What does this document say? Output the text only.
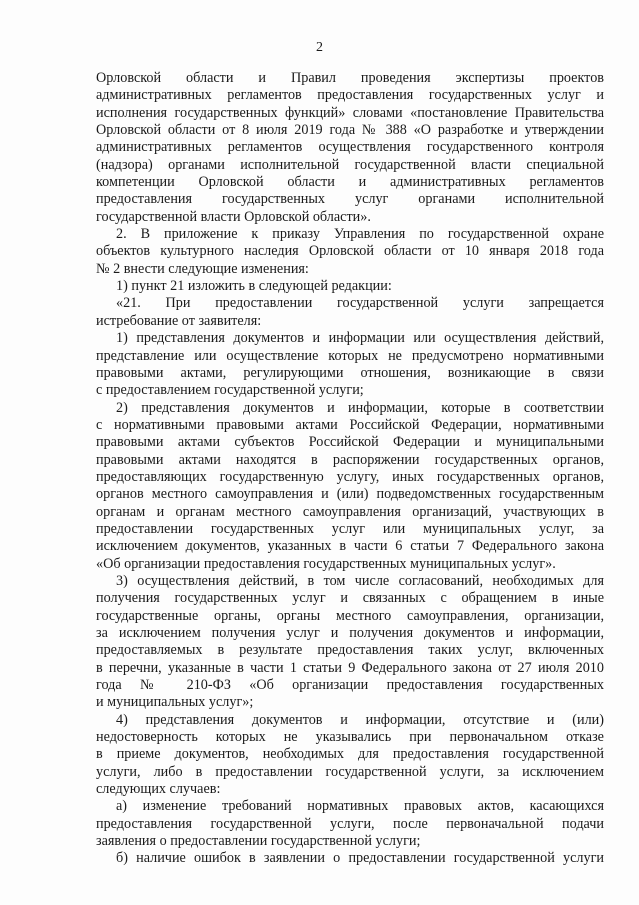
2
Орловской области и Правил проведения экспертизы проектов
административных регламентов предоставления государственных услуг и
исполнения государственных функций» словами «постановление Правительства
Орловской области от 8 июля 2019 года № 388 «О разработке и утверждении
административных регламентов осуществления государственного контроля
(надзора) органами исполнительной государственной власти специальной
компетенции Орловской области и административных регламентов
предоставления государственных услуг органами исполнительной
государственной власти Орловской области».
2. В приложение к приказу Управления по государственной охране
объектов культурного наследия Орловской области от 10 января 2018 года
№ 2 внести следующие изменения:
1) пункт 21 изложить в следующей редакции:
«21. При предоставлении государственной услуги запрещается
истребование от заявителя:
1) представления документов и информации или осуществления действий,
представление или осуществление которых не предусмотрено нормативными
правовыми актами, регулирующими отношения, возникающие в связи
с предоставлением государственной услуги;
2) представления документов и информации, которые в соответствии
с нормативными правовыми актами Российской Федерации, нормативными
правовыми актами субъектов Российской Федерации и муниципальными
правовыми актами находятся в распоряжении государственных органов,
предоставляющих государственную услугу, иных государственных органов,
органов местного самоуправления и (или) подведомственных государственным
органам и органам местного самоуправления организаций, участвующих в
предоставлении государственных услуг или муниципальных услуг, за
исключением документов, указанных в части 6 статьи 7 Федерального закона
«Об организации предоставления государственных муниципальных услуг».
3) осуществления действий, в том числе согласований, необходимых для
получения государственных услуг и связанных с обращением в иные
государственные органы, органы местного самоуправления, организации,
за исключением получения услуг и получения документов и информации,
предоставляемых в результате предоставления таких услуг, включенных
в перечни, указанные в части 1 статьи 9 Федерального закона от 27 июля 2010
года № 210-ФЗ «Об организации предоставления государственных
и муниципальных услуг»;
4) представления документов и информации, отсутствие и (или)
недостоверность которых не указывались при первоначальном отказе
в приеме документов, необходимых для предоставления государственной
услуги, либо в предоставлении государственной услуги, за исключением
следующих случаев:
а) изменение требований нормативных правовых актов, касающихся
предоставления государственной услуги, после первоначальной подачи
заявления о предоставлении государственной услуги;
б) наличие ошибок в заявлении о предоставлении государственной услуги
